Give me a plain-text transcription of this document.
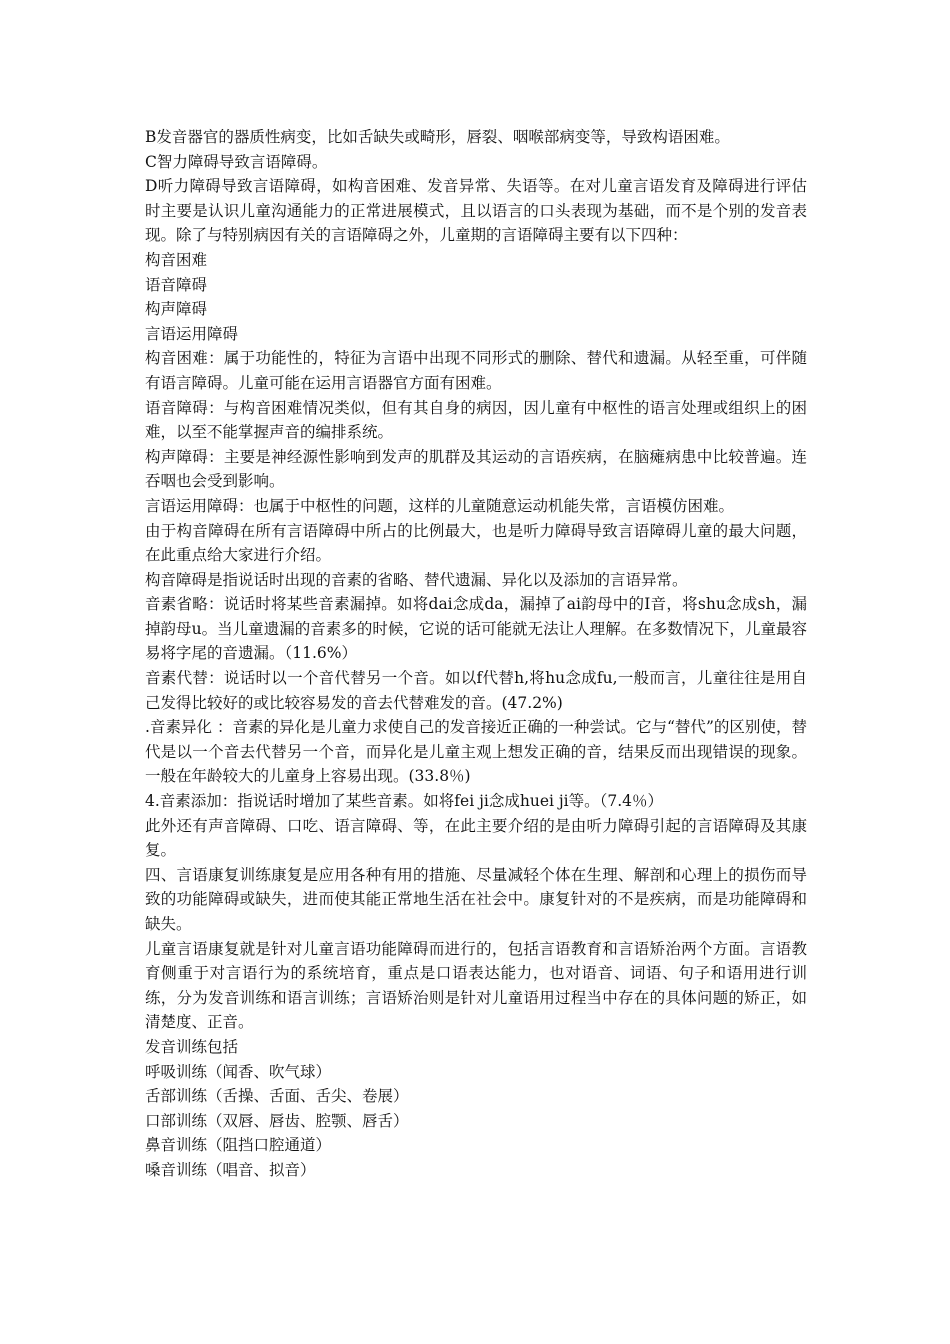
B发音器官的器质性病变，比如舌缺失或畸形，唇裂、咽喉部病变等，导致构语困难。

C智力障碍导致言语障碍。

D听力障碍导致言语障碍，如构音困难、发音异常、失语等。在对儿童言语发育及障碍进行评估时主要是认识儿童沟通能力的正常进展模式，且以语言的口头表现为基础，而不是个别的发音表现。除了与特别病因有关的言语障碍之外，儿童期的言语障碍主要有以下四种：

构音困难

语音障碍

构声障碍

言语运用障碍

构音困难：属于功能性的，特征为言语中出现不同形式的删除、替代和遗漏。从轻至重，可伴随有语言障碍。儿童可能在运用言语器官方面有困难。

语音障碍：与构音困难情况类似，但有其自身的病因，因儿童有中枢性的语言处理或组织上的困难，以至不能掌握声音的编排系统。

构声障碍：主要是神经源性影响到发声的肌群及其运动的言语疾病，在脑瘫病患中比较普遍。连吞咽也会受到影响。

言语运用障碍：也属于中枢性的问题，这样的儿童随意运动机能失常，言语模仿困难。

由于构音障碍在所有言语障碍中所占的比例最大，也是听力障碍导致言语障碍儿童的最大问题，在此重点给大家进行介绍。

构音障碍是指说话时出现的音素的省略、替代遗漏、异化以及添加的言语异常。

音素省略：说话时将某些音素漏掉。如将dai念成da，漏掉了ai韵母中的I音，将shu念成sh，漏掉韵母u。当儿童遗漏的音素多的时候，它说的话可能就无法让人理解。在多数情况下，儿童最容易将字尾的音遗漏。（11.6%）

音素代替：说话时以一个音代替另一个音。如以f代替h,将hu念成fu,一般而言，儿童往往是用自己发得比较好的或比较容易发的音去代替难发的音。(47.2%)

.音素异化 ：音素的异化是儿童力求使自己的发音接近正确的一种尝试。它与“替代”的区别使，替代是以一个音去代替另一个音，而异化是儿童主观上想发正确的音，结果反而出现错误的现象。一般在年龄较大的儿童身上容易出现。(33.8％)

4.音素添加：指说话时增加了某些音素。如将fei ji念成huei ji等。（7.4％）

此外还有声音障碍、口吃、语言障碍、等，在此主要介绍的是由听力障碍引起的言语障碍及其康复。

四、言语康复训练康复是应用各种有用的措施、尽量减轻个体在生理、解剖和心理上的损伤而导致的功能障碍或缺失，进而使其能正常地生活在社会中。康复针对的不是疾病，而是功能障碍和缺失。

儿童言语康复就是针对儿童言语功能障碍而进行的，包括言语教育和言语矫治两个方面。言语教育侧重于对言语行为的系统培育，重点是口语表达能力，也对语音、词语、句子和语用进行训练，分为发音训练和语言训练；言语矫治则是针对儿童语用过程当中存在的具体问题的矫正，如清楚度、正音。

发音训练包括

呼吸训练（闻香、吹气球）

舌部训练（舌操、舌面、舌尖、卷展）

口部训练（双唇、唇齿、腔颚、唇舌）

鼻音训练（阻挡口腔通道）

嗓音训练（唱音、拟音）
